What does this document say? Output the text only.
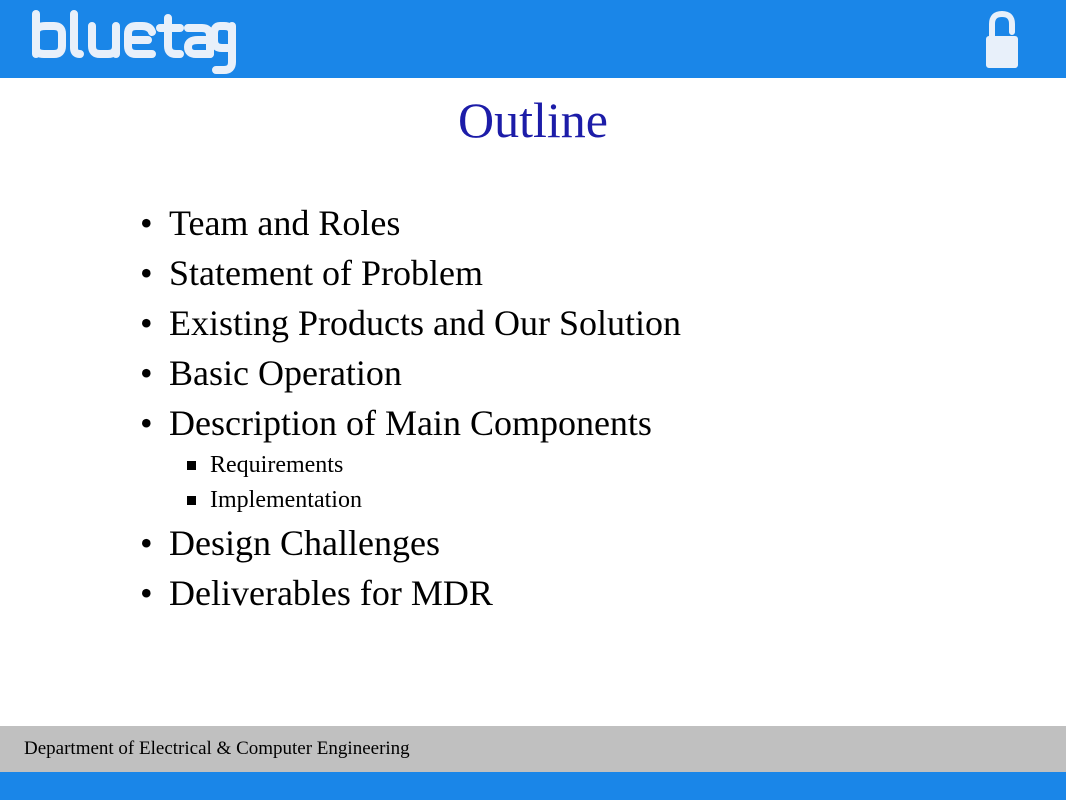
Outline
• Team and Roles
• Statement of Problem
• Existing Products and Our Solution
• Basic Operation
• Description of Main Components
Requirements
Implementation
• Design Challenges
• Deliverables for MDR
Department of Electrical & Computer Engineering
